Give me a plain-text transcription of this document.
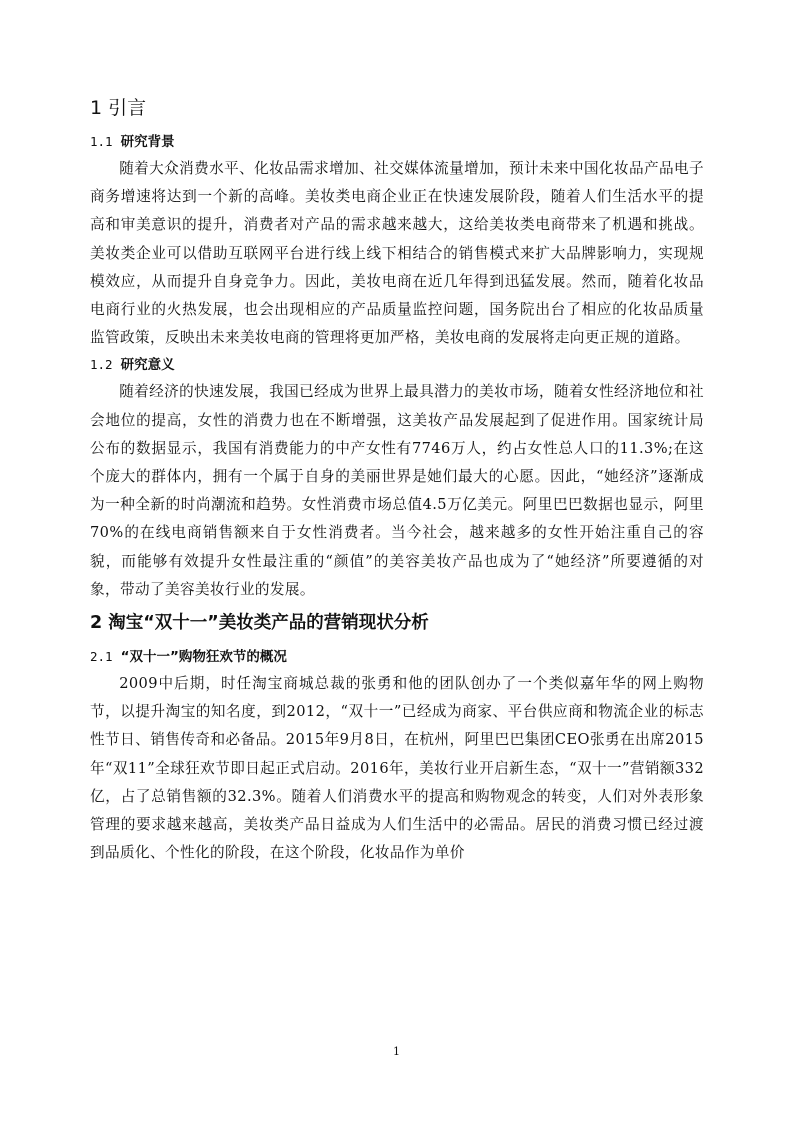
1 引言
1.1 研究背景

随着大众消费水平、化妆品需求增加、社交媒体流量增加，预计未来中国化妆品产品电子商务增速将达到一个新的高峰。美妆类电商企业正在快速发展阶段，随着人们生活水平的提高和审美意识的提升，消费者对产品的需求越来越大，这给美妆类电商带来了机遇和挑战。美妆类企业可以借助互联网平台进行线上线下相结合的销售模式来扩大品牌影响力，实现规模效应，从而提升自身竞争力。因此，美妆电商在近几年得到迅猛发展。然而，随着化妆品电商行业的火热发展，也会出现相应的产品质量监控问题，国务院出台了相应的化妆品质量监管政策，反映出未来美妆电商的管理将更加严格，美妆电商的发展将走向更正规的道路。

1.2 研究意义

随着经济的快速发展，我国已经成为世界上最具潜力的美妆市场，随着女性经济地位和社会地位的提高，女性的消费力也在不断增强，这美妆产品发展起到了促进作用。国家统计局公布的数据显示，我国有消费能力的中产女性有7746万人，约占女性总人口的11.3%;在这个庞大的群体内，拥有一个属于自身的美丽世界是她们最大的心愿。因此，“她经济”逐渐成为一种全新的时尚潮流和趋势。女性消费市场总值4.5万亿美元。阿里巴巴数据也显示，阿里70%的在线电商销售额来自于女性消费者。当今社会，越来越多的女性开始注重自己的容貌，而能够有效提升女性最注重的“颜值”的美容美妆产品也成为了“她经济”所要遵循的对象，带动了美容美妆行业的发展。

2 淘宝“双十一”美妆类产品的营销现状分析
2.1 “双十一”购物狂欢节的概况

2009中后期，时任淘宝商城总裁的张勇和他的团队创办了一个类似嘉年华的网上购物节，以提升淘宝的知名度，到2012，“双十一”已经成为商家、平台供应商和物流企业的标志性节日、销售传奇和必备品。2015年9月8日，在杭州，阿里巴巴集团CEO张勇在出席2015年“双11”全球狂欢节即日起正式启动。2016年，美妆行业开启新生态，“双十一”营销额332亿，占了总销售额的32.3%。随着人们消费水平的提高和购物观念的转变，人们对外表形象管理的要求越来越高，美妆类产品日益成为人们生活中的必需品。居民的消费习惯已经过渡到品质化、个性化的阶段，在这个阶段，化妆品作为单价

1
